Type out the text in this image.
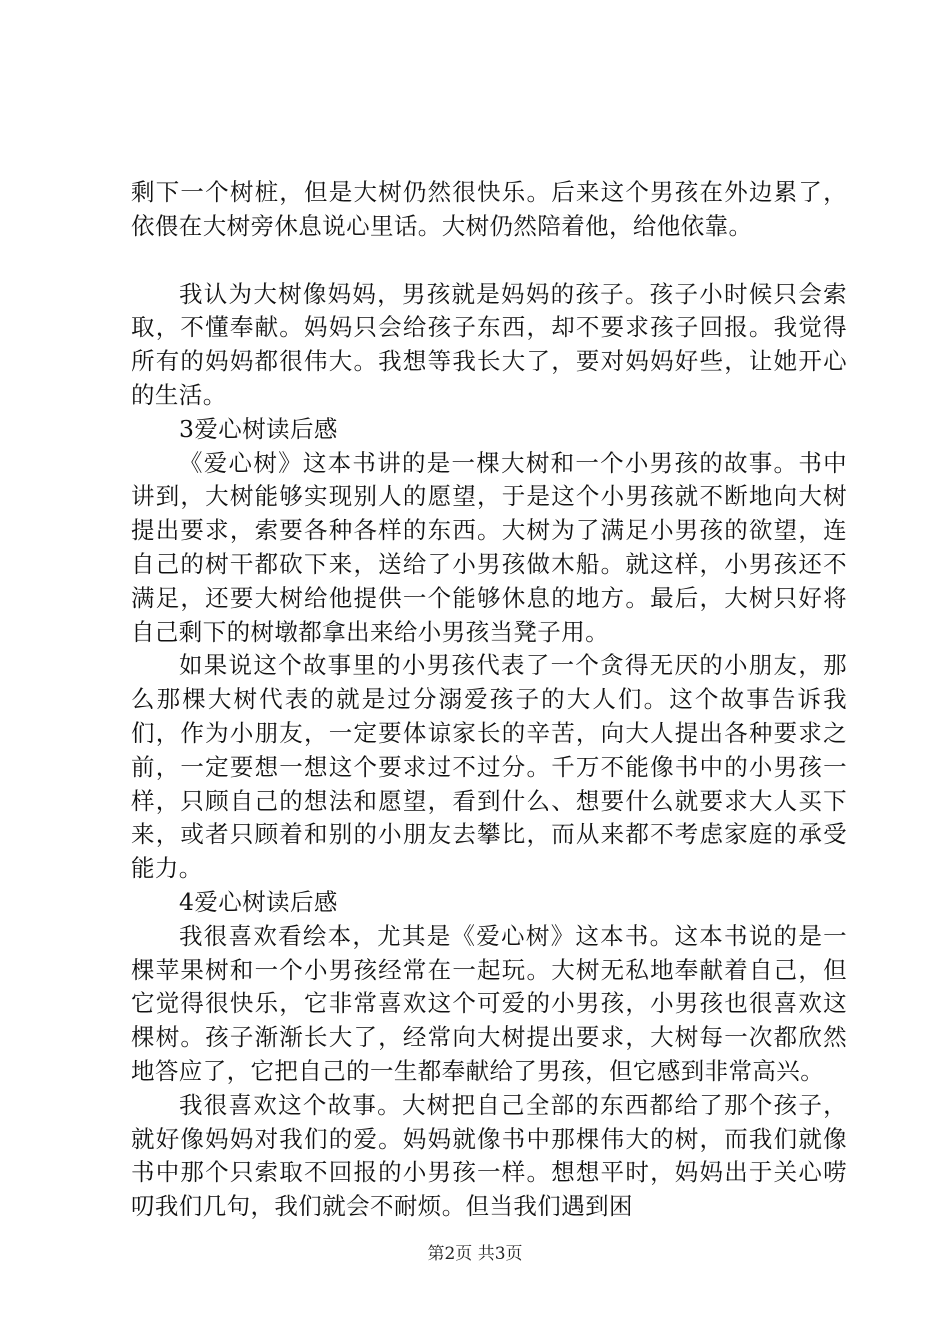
剩下一个树桩，但是大树仍然很快乐。后来这个男孩在外边累了，依偎在大树旁休息说心里话。大树仍然陪着他，给他依靠。

我认为大树像妈妈，男孩就是妈妈的孩子。孩子小时候只会索取，不懂奉献。妈妈只会给孩子东西，却不要求孩子回报。我觉得所有的妈妈都很伟大。我想等我长大了，要对妈妈好些，让她开心的生活。

3爱心树读后感

《爱心树》这本书讲的是一棵大树和一个小男孩的故事。书中讲到，大树能够实现别人的愿望，于是这个小男孩就不断地向大树提出要求，索要各种各样的东西。大树为了满足小男孩的欲望，连自己的树干都砍下来，送给了小男孩做木船。就这样，小男孩还不满足，还要大树给他提供一个能够休息的地方。最后，大树只好将自己剩下的树墩都拿出来给小男孩当凳子用。

如果说这个故事里的小男孩代表了一个贪得无厌的小朋友，那么那棵大树代表的就是过分溺爱孩子的大人们。这个故事告诉我们，作为小朋友，一定要体谅家长的辛苦，向大人提出各种要求之前，一定要想一想这个要求过不过分。千万不能像书中的小男孩一样，只顾自己的想法和愿望，看到什么、想要什么就要求大人买下来，或者只顾着和别的小朋友去攀比，而从来都不考虑家庭的承受能力。

4爱心树读后感

我很喜欢看绘本，尤其是《爱心树》这本书。这本书说的是一棵苹果树和一个小男孩经常在一起玩。大树无私地奉献着自己，但它觉得很快乐，它非常喜欢这个可爱的小男孩，小男孩也很喜欢这棵树。孩子渐渐长大了，经常向大树提出要求，大树每一次都欣然地答应了，它把自己的一生都奉献给了男孩，但它感到非常高兴。

我很喜欢这个故事。大树把自己全部的东西都给了那个孩子，就好像妈妈对我们的爱。妈妈就像书中那棵伟大的树，而我们就像书中那个只索取不回报的小男孩一样。想想平时，妈妈出于关心唠叨我们几句，我们就会不耐烦。但当我们遇到困

第2页 共3页
